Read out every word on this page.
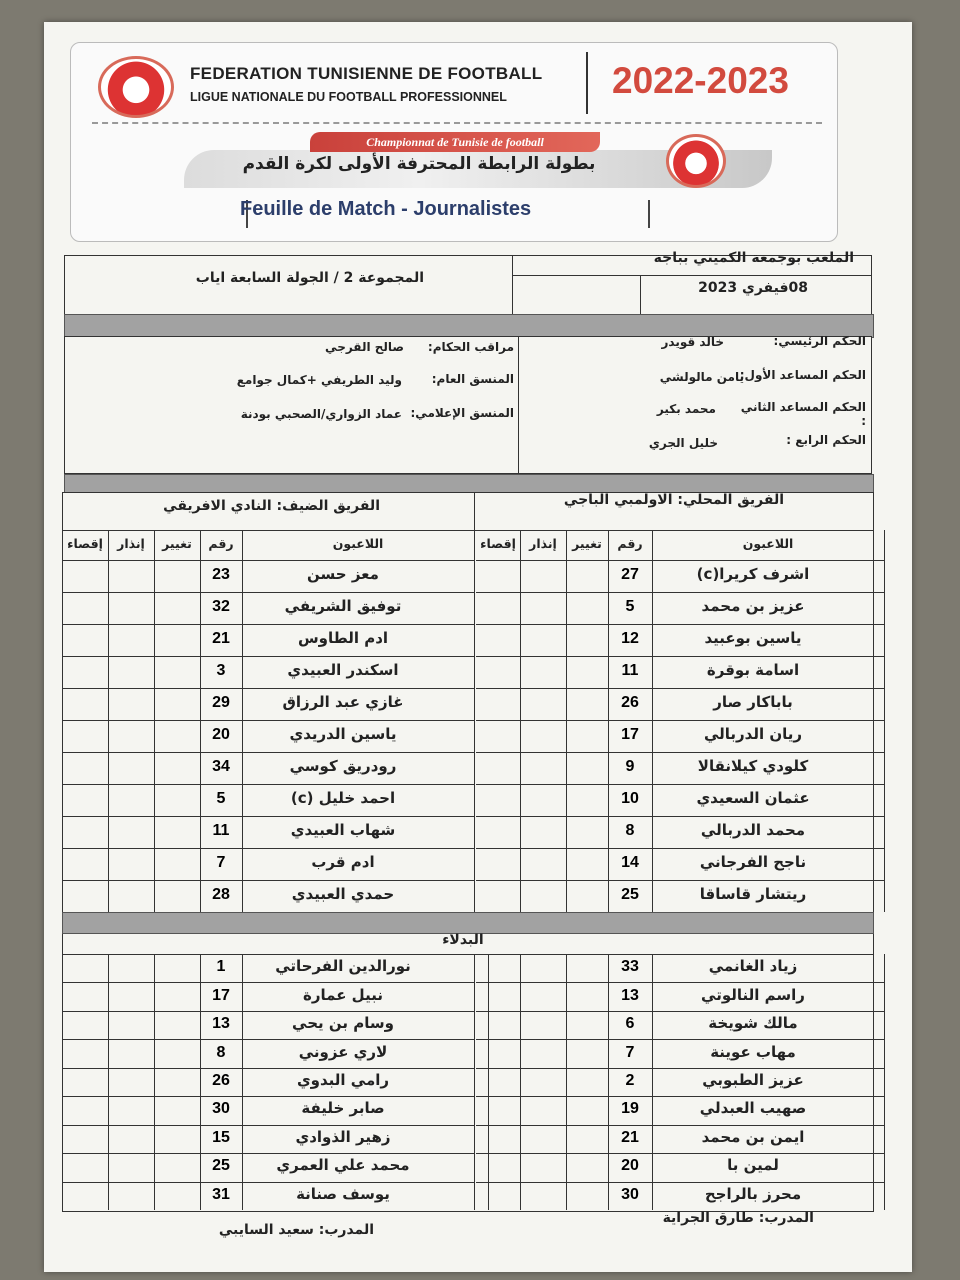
FEDERATION TUNISIENNE DE FOOTBALL
LIGUE NATIONALE DU FOOTBALL PROFESSIONNEL	2022-2023
Championnat de Tunisie de football
بطولة الرابطة المحترفة الأولى لكرة القدم
Feuille de Match - Journalistes
الملعب بوجمعة الكميتي بباجة
08فيفري 2023
المجموعة 2 / الجولة السابعة اياب
الحكم الرئيسي:
خالد قويدر
الحكم المساعد الأول:
يامن مالولشي
الحكم المساعد الثاني :
محمد بكير
الحكم الرابع :
خليل الجري
مراقب الحكام:
صالح القرجي
المنسق العام:
وليد الطريفي +كمال جوامع
المنسق الإعلامي:
عماد الزواري/الصحبي بودنة
الفريق المحلي: الاولمبي الباجي
الفريق الضيف: النادي الافريقي
البدلاء
المدرب: طارق الجراية
المدرب: سعيد السايبي
إقصاء	إنذار	تغيير	رقم	اللاعبون
27	اشرف كريرا(c)
5	عزيز بن محمد
12	ياسين بوعبيد
11	اسامة بوقرة
26	باباكار صار
17	ريان الدربالي
9	كلودي كيلانقالا
10	عثمان السعيدي
8	محمد الدربالي
14	ناجح الفرجاني
25	ريتشار قاساقا
33	زياد الغانمي
13	راسم النالوتي
6	مالك شويخة
7	مهاب عوينة
2	عزيز الطبوبي
19	صهيب العبدلي
21	ايمن بن محمد
20	لمين با
30	محرز بالراجح
إقصاء	إنذار	تغيير	رقم	اللاعبون
23	معز حسن
32	توفيق الشريفي
21	ادم الطاوس
3	اسكندر العبيدي
29	غازي عبد الرزاق
20	ياسين الدريدي
34	رودريق كوسي
5	احمد خليل (c)
11	شهاب العبيدي
7	ادم قرب
28	حمدي العبيدي
1	نورالدين الفرحاتي
17	نبيل عمارة
13	وسام بن يحي
8	لاري عزوني
26	رامي البدوي
30	صابر خليفة
15	زهير الذوادي
25	محمد علي العمري
31	يوسف صنانة
